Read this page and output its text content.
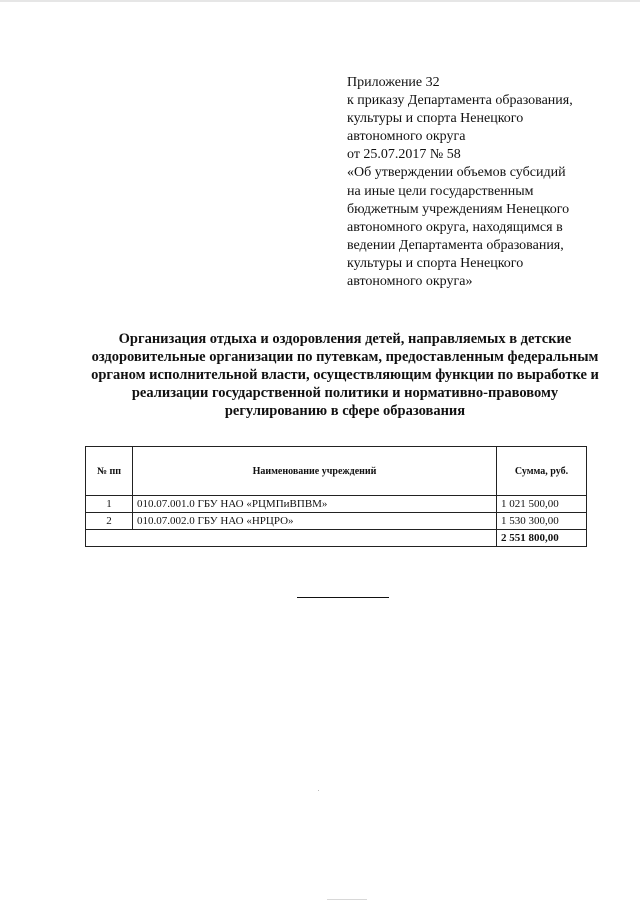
Приложение 32
к приказу Департамента образования,
культуры и спорта Ненецкого
автономного округа
от 25.07.2017 № 58
«Об утверждении объемов субсидий
на иные цели государственным
бюджетным учреждениям Ненецкого
автономного округа, находящимся в
ведении Департамента образования,
культуры и спорта Ненецкого
автономного округа»
Организация отдыха и оздоровления детей, направляемых в детские
оздоровительные организации по путевкам, предоставленным федеральным
органом исполнительной власти, осуществляющим функции по выработке и
реализации государственной политики и нормативно-правовому
регулированию в сфере образования
№ пп	Наименование учреждений	Сумма, руб.
1	010.07.001.0 ГБУ НАО «РЦМПиВПВМ»	1 021 500,00
2	010.07.002.0 ГБУ НАО «НРЦРО»	1 530 300,00
		2 551 800,00
